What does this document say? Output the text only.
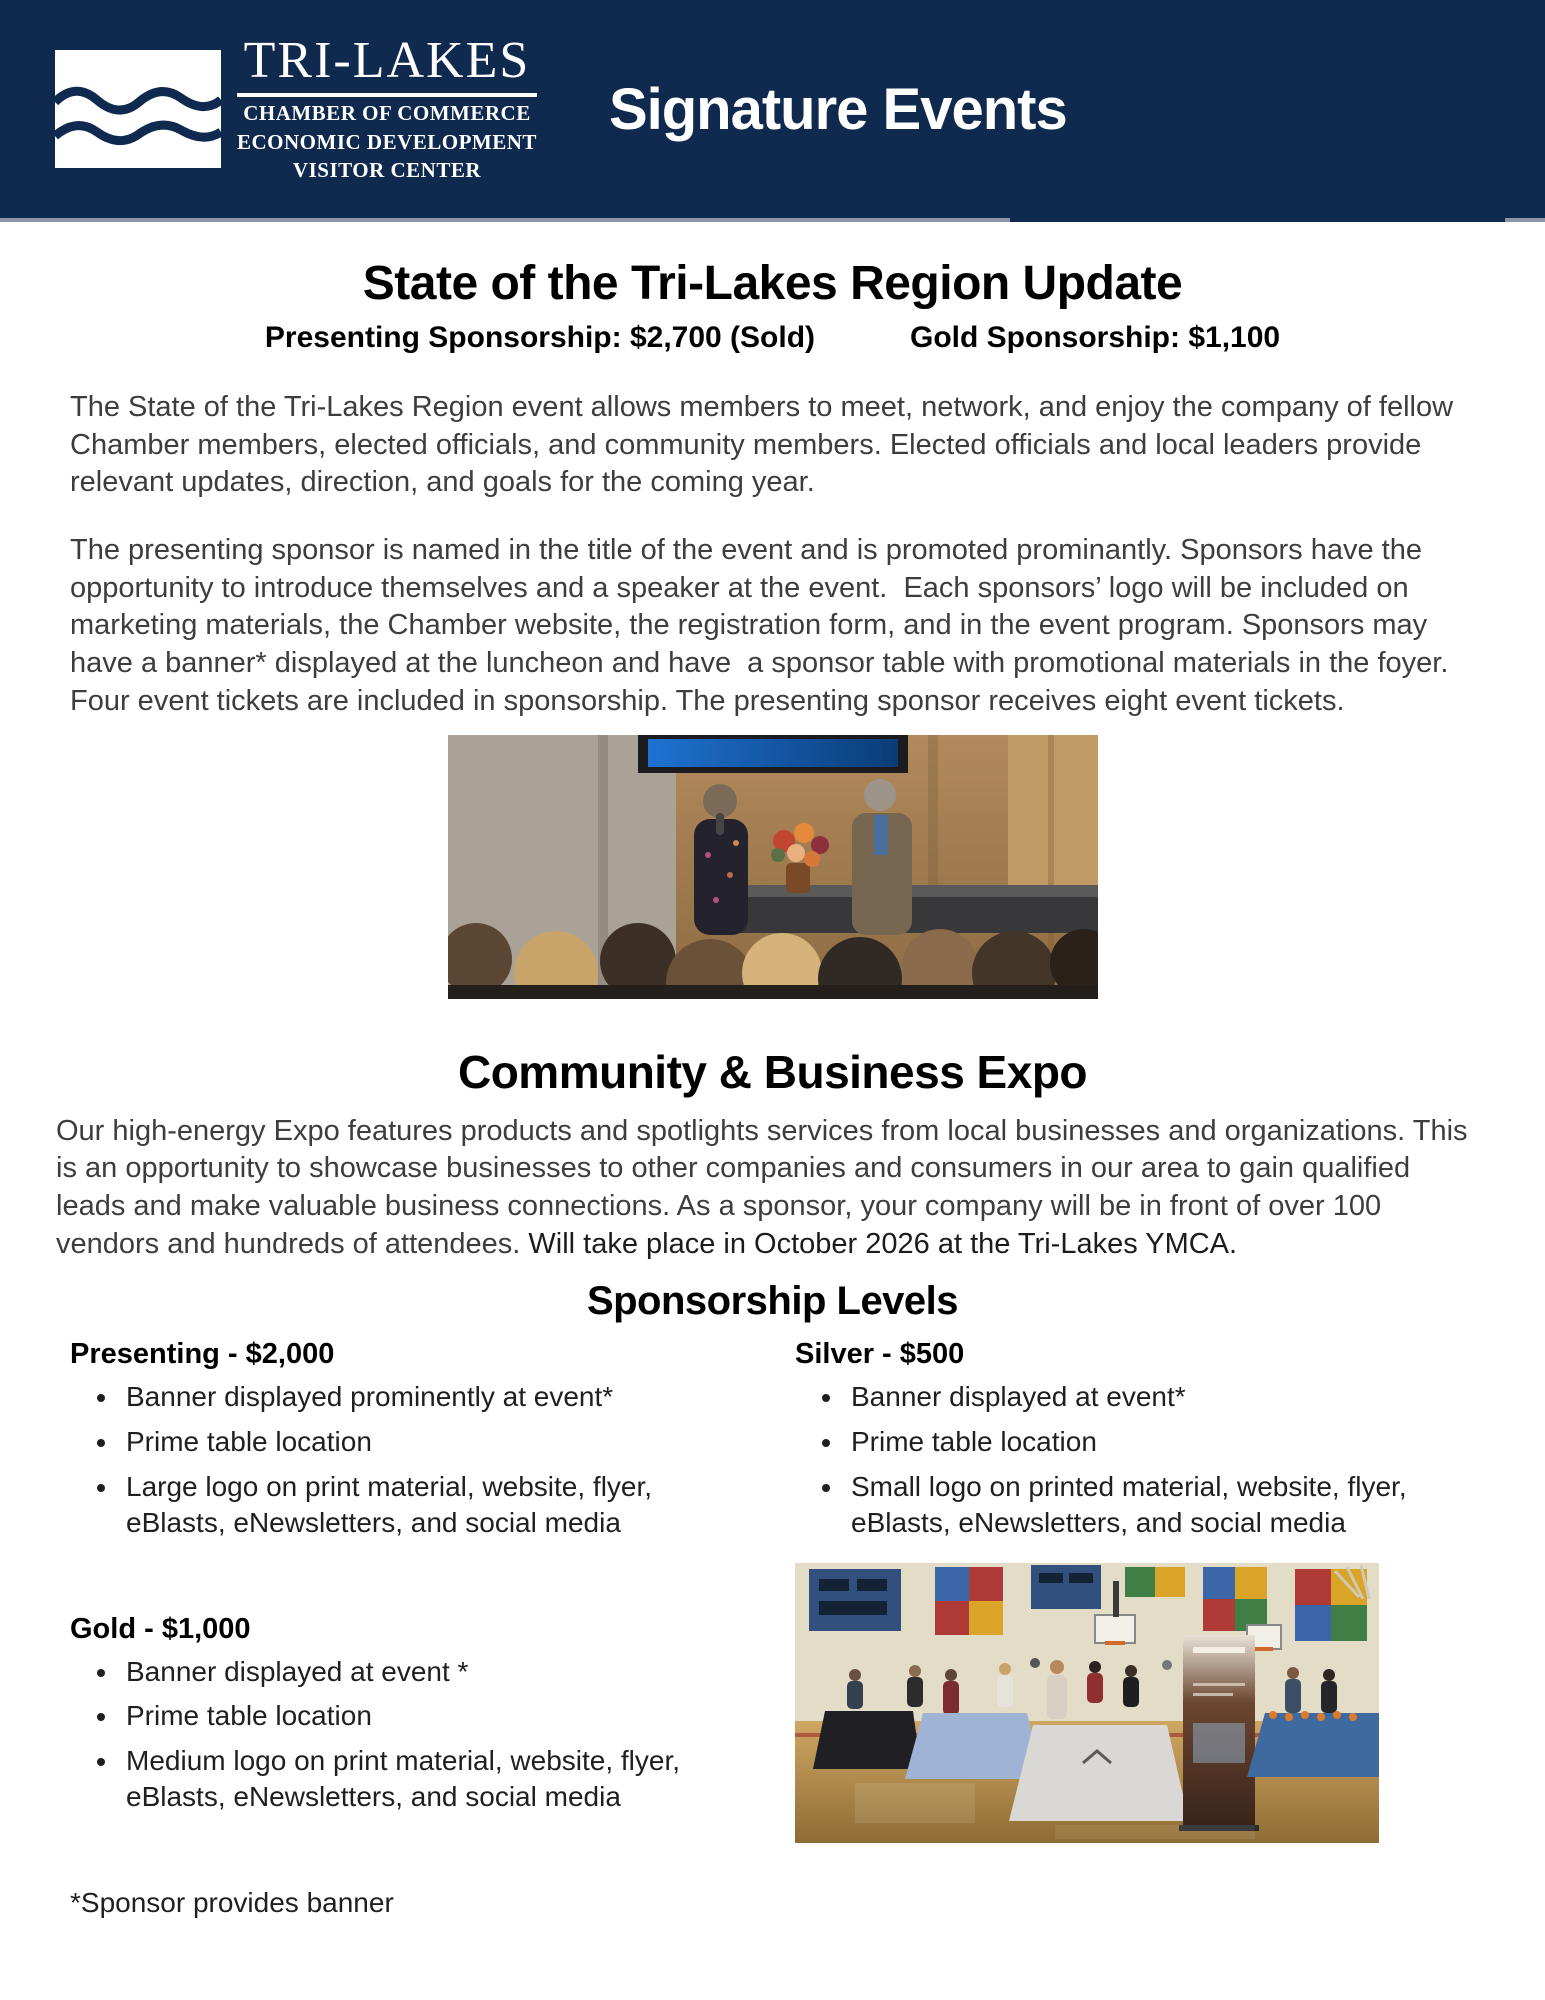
TRI-LAKES
CHAMBER OF COMMERCE
ECONOMIC DEVELOPMENT
VISITOR CENTER
Signature Events
State of the Tri-Lakes Region Update
Presenting Sponsorship: $2,700 (Sold)	Gold Sponsorship: $1,100

The State of the Tri-Lakes Region event allows members to meet, network, and enjoy the company of fellow Chamber members, elected officials, and community members. Elected officials and local leaders provide relevant updates, direction, and goals for the coming year.

The presenting sponsor is named in the title of the event and is promoted prominantly. Sponsors have the opportunity to introduce themselves and a speaker at the event.  Each sponsors’ logo will be included on marketing materials, the Chamber website, the registration form, and in the event program. Sponsors may have a banner* displayed at the luncheon and have  a sponsor table with promotional materials in the foyer. Four event tickets are included in sponsorship. The presenting sponsor receives eight event tickets.

Community & Business Expo

Our high-energy Expo features products and spotlights services from local businesses and organizations. This is an opportunity to showcase businesses to other companies and consumers in our area to gain qualified leads and make valuable business connections. As a sponsor, your company will be in front of over 100 vendors and hundreds of attendees. Will take place in October 2026 at the Tri-Lakes YMCA.

Sponsorship Levels
Presenting - $2,000
• Banner displayed prominently at event*
• Prime table location
• Large logo on print material, website, flyer, eBlasts, eNewsletters, and social media
Gold - $1,000
• Banner displayed at event *
• Prime table location
• Medium logo on print material, website, flyer, eBlasts, eNewsletters, and social media
*Sponsor provides banner
Silver - $500
• Banner displayed at event*
• Prime table location
• Small logo on printed material, website, flyer, eBlasts, eNewsletters, and social media
